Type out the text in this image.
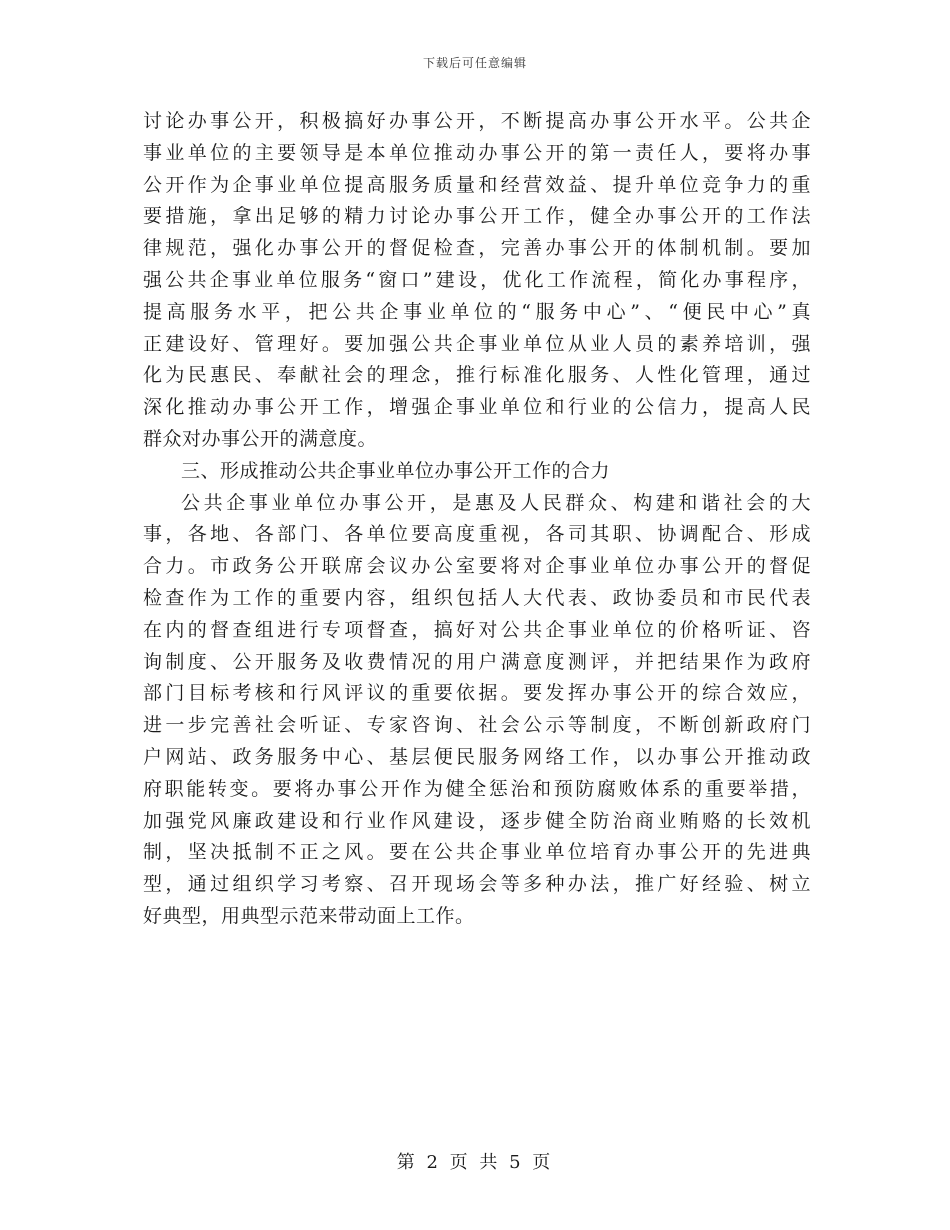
下载后可任意编辑
讨论办事公开，积极搞好办事公开，不断提高办事公开水平。公共企
事业单位的主要领导是本单位推动办事公开的第一责任人，要将办事
公开作为企事业单位提高服务质量和经营效益、提升单位竞争力的重
要措施，拿出足够的精力讨论办事公开工作，健全办事公开的工作法
律规范，强化办事公开的督促检查，完善办事公开的体制机制。要加
强公共企事业单位服务“窗口”建设，优化工作流程，简化办事程序，
提高服务水平，把公共企事业单位的“服务中心”、“便民中心”真
正建设好、管理好。要加强公共企事业单位从业人员的素养培训，强
化为民惠民、奉献社会的理念，推行标准化服务、人性化管理，通过
深化推动办事公开工作，增强企事业单位和行业的公信力，提高人民
群众对办事公开的满意度。
三、形成推动公共企事业单位办事公开工作的合力
公共企事业单位办事公开，是惠及人民群众、构建和谐社会的大
事，各地、各部门、各单位要高度重视，各司其职、协调配合、形成
合力。市政务公开联席会议办公室要将对企事业单位办事公开的督促
检查作为工作的重要内容，组织包括人大代表、政协委员和市民代表
在内的督查组进行专项督查，搞好对公共企事业单位的价格听证、咨
询制度、公开服务及收费情况的用户满意度测评，并把结果作为政府
部门目标考核和行风评议的重要依据。要发挥办事公开的综合效应，
进一步完善社会听证、专家咨询、社会公示等制度，不断创新政府门
户网站、政务服务中心、基层便民服务网络工作，以办事公开推动政
府职能转变。要将办事公开作为健全惩治和预防腐败体系的重要举措，
加强党风廉政建设和行业作风建设，逐步健全防治商业贿赂的长效机
制，坚决抵制不正之风。要在公共企事业单位培育办事公开的先进典
型，通过组织学习考察、召开现场会等多种办法，推广好经验、树立
好典型，用典型示范来带动面上工作。
第 2 页 共 5 页
